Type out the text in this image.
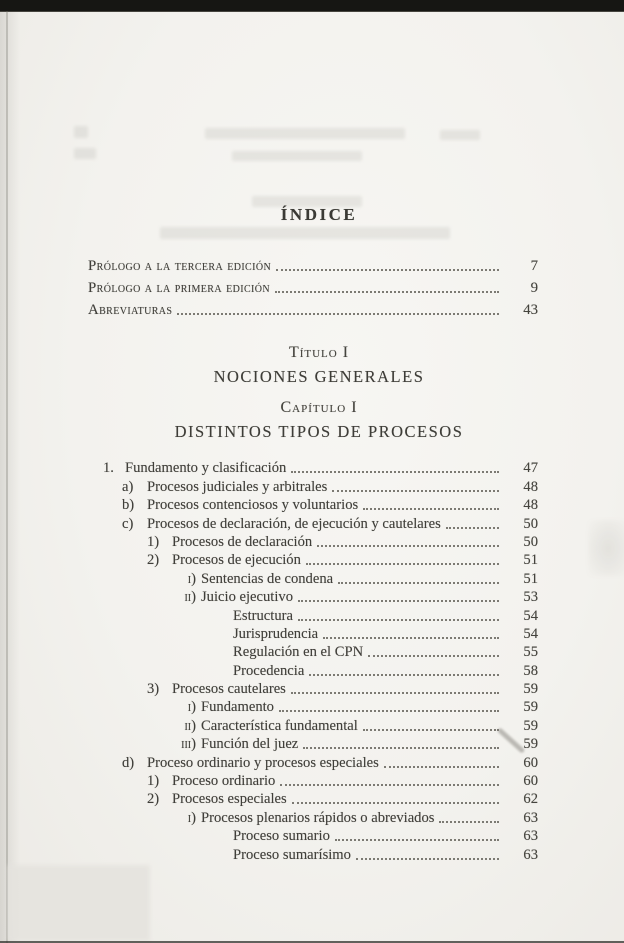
ÍNDICE
Prólogo a la tercera edición	7
Prólogo a la primera edición	9
Abreviaturas	43
Título I
NOCIONES GENERALES
Capítulo I
DISTINTOS TIPOS DE PROCESOS
1. Fundamento y clasificación	47
a) Procesos judiciales y arbitrales	48
b) Procesos contenciosos y voluntarios	48
c) Procesos de declaración, de ejecución y cautelares	50
1) Procesos de declaración	50
2) Procesos de ejecución	51
i) Sentencias de condena	51
ii) Juicio ejecutivo	53
Estructura	54
Jurisprudencia	54
Regulación en el CPN	55
Procedencia	58
3) Procesos cautelares	59
i) Fundamento	59
ii) Característica fundamental	59
iii) Función del juez	59
d) Proceso ordinario y procesos especiales	60
1) Proceso ordinario	60
2) Procesos especiales	62
i) Procesos plenarios rápidos o abreviados	63
Proceso sumario	63
Proceso sumarísimo	63
